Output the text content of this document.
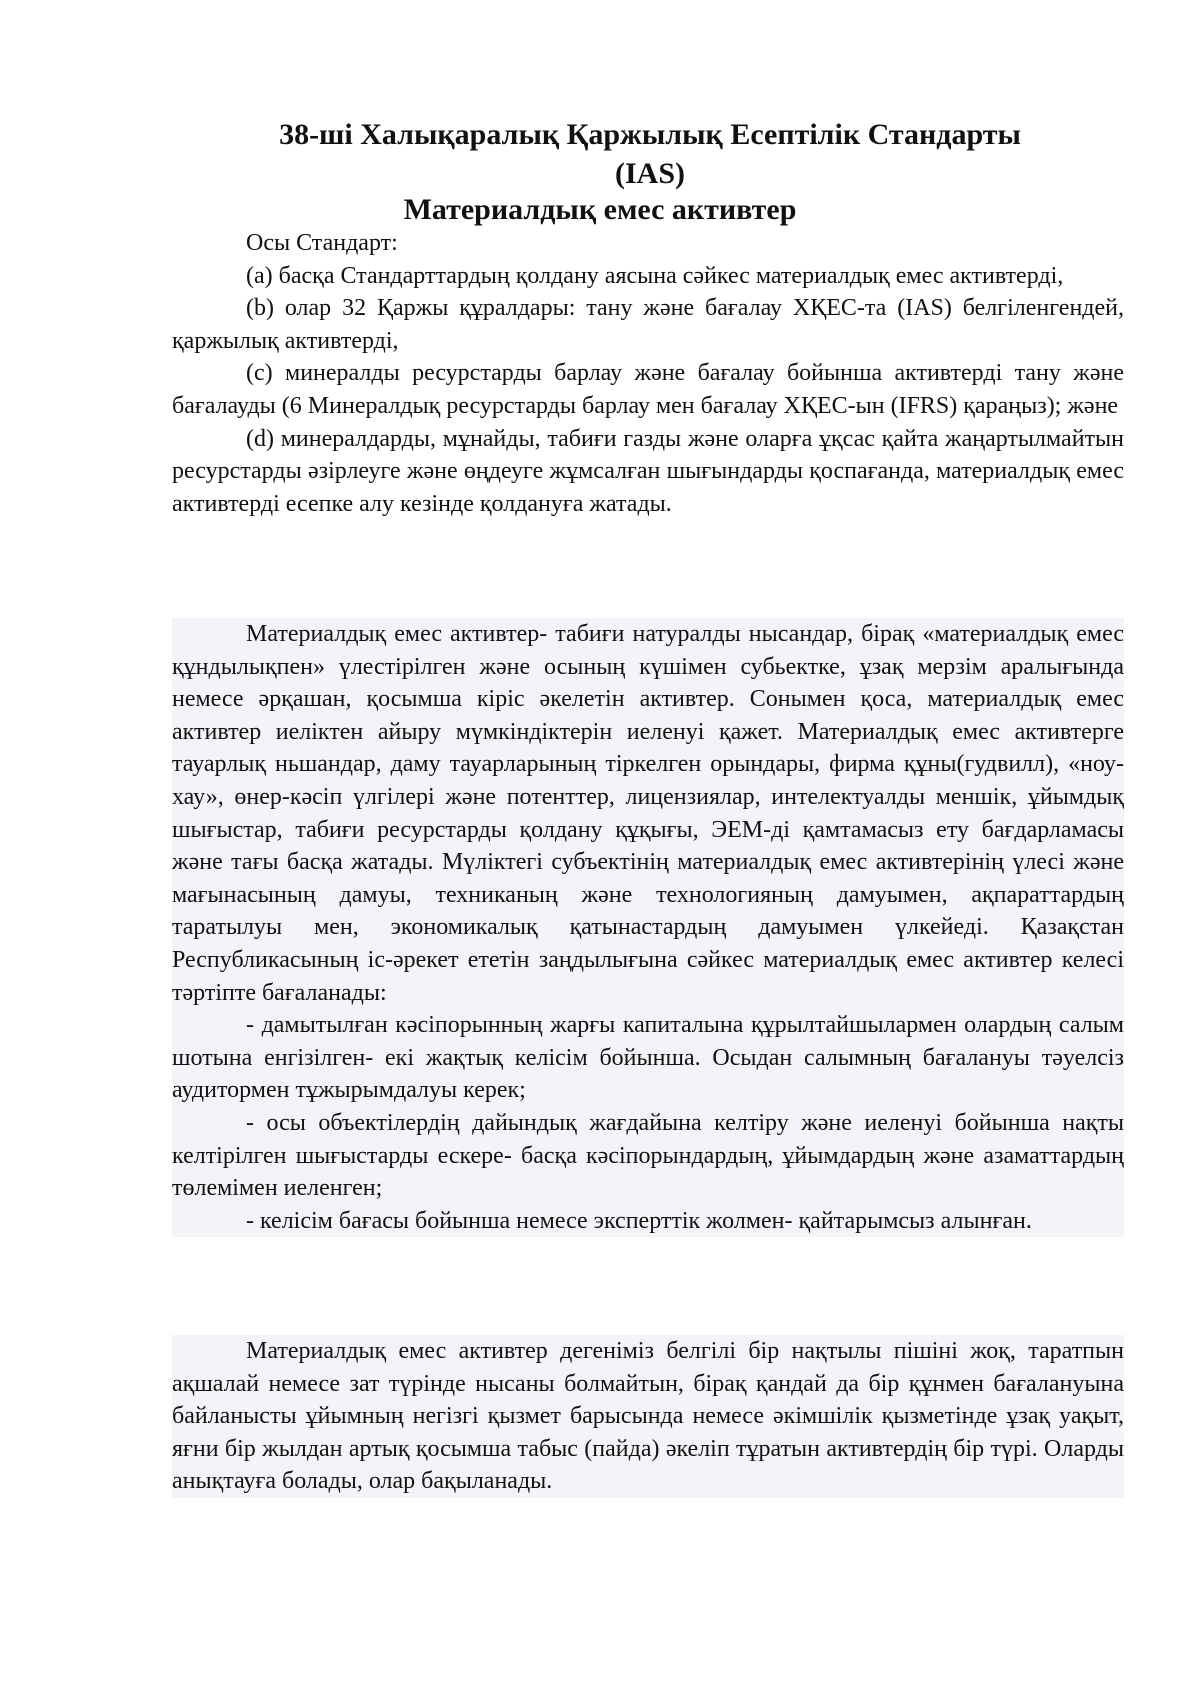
38-ші Халықаралық Қаржылық Есептілік Стандарты
(IAS)
Материалдық емес активтер

Осы Стандарт:

(а) басқа Стандарттардың қолдану аясына сәйкес материалдық емес активтерді,

(b) олар 32 Қаржы құралдары: тану және бағалау ХҚЕС-та (IAS) белгіленгендей, қаржылық активтерді,

(c) минералды ресурстарды барлау және бағалау бойынша активтерді тану және бағалауды (6 Минералдық ресурстарды барлау мен бағалау ХҚЕС-ын (IFRS) қараңыз); және

(d) минералдарды, мұнайды, табиғи газды және оларға ұқсас қайта жаңартылмайтын ресурстарды әзірлеуге және өңдеуге жұмсалған шығындарды қоспағанда, материалдық емес активтерді есепке алу кезінде қолдануға жатады.

Материалдық емес активтер- табиғи натуралды нысандар, бірақ «материалдық емес құндылықпен» үлестірілген және осының күшімен субьектке, ұзақ мерзім аралығында немесе әрқашан, қосымша кіріс әкелетін активтер. Сонымен қоса, материалдық емес активтер иеліктен айыру мүмкіндіктерін иеленуі қажет. Материалдық емес активтерге тауарлық ньшандар, даму тауарларының тіркелген орындары, фирма құны(гудвилл), «ноу-хау», өнер-кәсіп үлгілері және потенттер, лицензиялар, интелектуалды меншік, ұйымдық шығыстар, табиғи ресурстарды қолдану құқығы, ЭЕМ-ді қамтамасыз ету бағдарламасы және тағы басқа жатады. Мүліктегі субъектінің материалдық емес активтерінің үлесі және мағынасының дамуы, техниканың және технологияның дамуымен, ақпараттардың таратылуы мен, экономикалық қатынастардың дамуымен үлкейеді. Қазақстан Республикасының іс-әрекет ететін заңдылығына сәйкес материалдық емес активтер келесі тәртіпте бағаланады:

- дамытылған кәсіпорынның жарғы капиталына құрылтайшылармен олардың салым шотына енгізілген- екі жақтық келісім бойынша. Осыдан салымның бағалануы тәуелсіз аудитормен тұжырымдалуы керек;

- осы объектілердің дайындық жағдайына келтіру және иеленуі бойынша нақты келтірілген шығыстарды ескере- басқа кәсіпорындардың, ұйымдардың және азаматтардың төлемімен иеленген;

- келісім бағасы бойынша немесе эксперттік жолмен- қайтарымсыз алынған.

Материалдық емес активтер дегеніміз белгілі бір нақтылы пішіні жоқ, таратпын ақшалай немесе зат түрінде нысаны болмайтын, бірақ қандай да бір құнмен бағалануына байланысты ұйымның негізгі қызмет барысында немесе әкімшілік қызметінде ұзақ уақыт, яғни бір жылдан артық қосымша табыс (пайда) әкеліп тұратын активтердің бір түрі. Оларды анықтауға болады, олар бақыланады.
